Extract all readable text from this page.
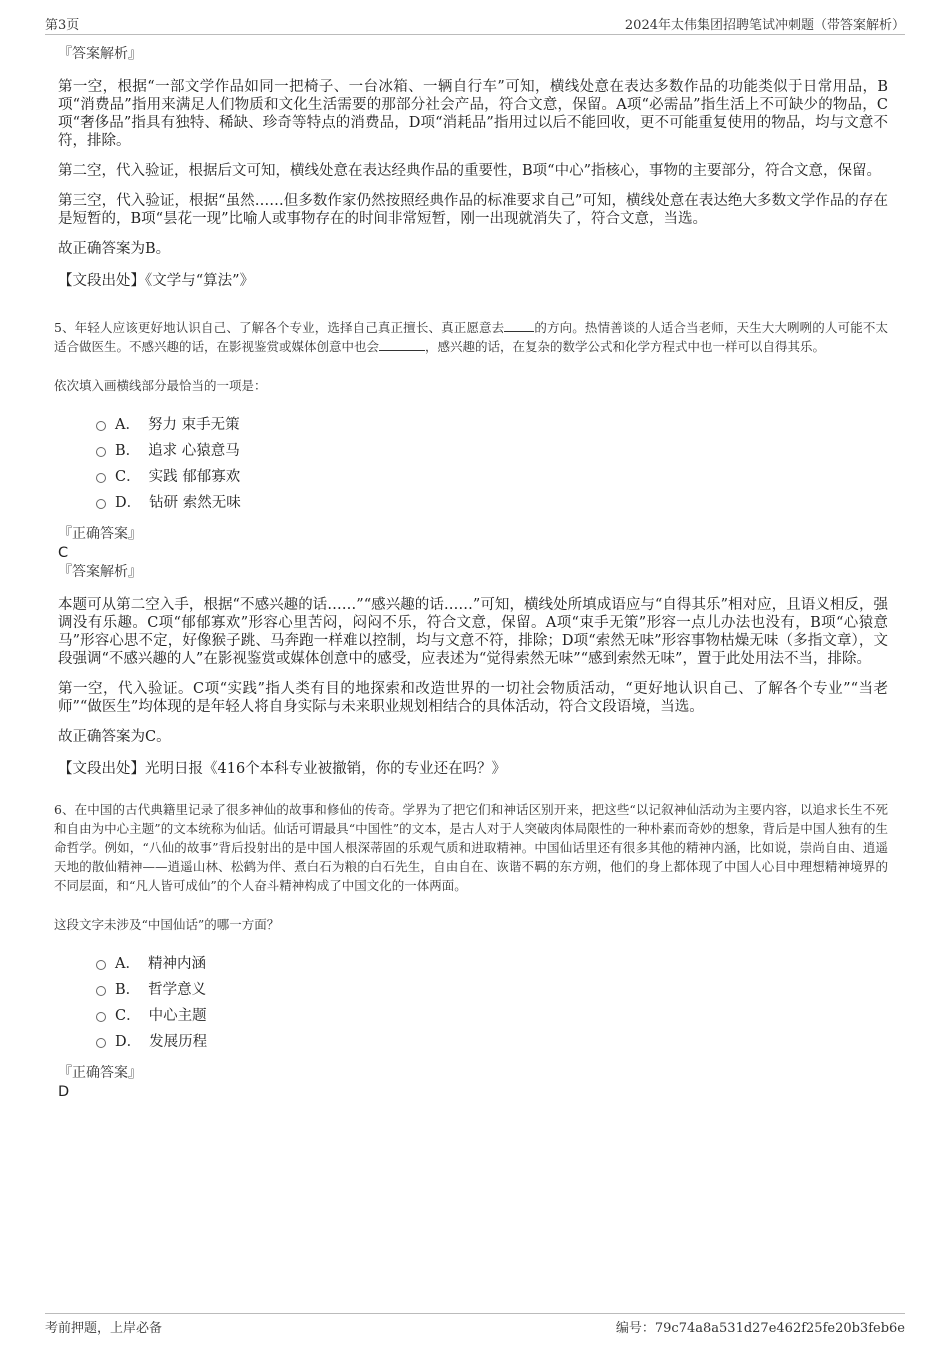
第3页	2024年太伟集团招聘笔试冲刺题（带答案解析）

『答案解析』

第一空，根据“一部文学作品如同一把椅子、一台冰箱、一辆自行车”可知，横线处意在表达多数作品的功能类似于日常用品，B项“消费品”指用来满足人们物质和文化生活需要的那部分社会产品，符合文意，保留。A项“必需品”指生活上不可缺少的物品，C项“奢侈品”指具有独特、稀缺、珍奇等特点的消费品，D项“消耗品”指用过以后不能回收，更不可能重复使用的物品，均与文意不符，排除。

第二空，代入验证，根据后文可知，横线处意在表达经典作品的重要性，B项“中心”指核心，事物的主要部分，符合文意，保留。

第三空，代入验证，根据“虽然……但多数作家仍然按照经典作品的标准要求自己”可知，横线处意在表达绝大多数文学作品的存在是短暂的，B项“昙花一现”比喻人或事物存在的时间非常短暂，刚一出现就消失了，符合文意，当选。

故正确答案为B。

【文段出处】《文学与“算法”》

5、年轻人应该更好地认识自己、了解各个专业，选择自己真正擅长、真正愿意去 的方向。热情善谈的人适合当老师，天生大大咧咧的人可能不太适合做医生。不感兴趣的话，在影视鉴赏或媒体创意中也会	，感兴趣的话，在复杂的数学公式和化学方程式中也一样可以自得其乐。

依次填入画横线部分最恰当的一项是：

A． 努力 束手无策
B． 追求 心猿意马
C． 实践 郁郁寡欢
D． 钻研 索然无味

『正确答案』

C

『答案解析』

本题可从第二空入手，根据“不感兴趣的话……”“感兴趣的话……”可知，横线处所填成语应与“自得其乐”相对应，且语义相反，强调没有乐趣。C项“郁郁寡欢”形容心里苦闷，闷闷不乐，符合文意，保留。A项“束手无策”形容一点儿办法也没有，B项“心猿意马”形容心思不定，好像猴子跳、马奔跑一样难以控制，均与文意不符，排除；D项“索然无味”形容事物枯燥无味（多指文章），文段强调“不感兴趣的人”在影视鉴赏或媒体创意中的感受，应表述为“觉得索然无味”“感到索然无味”，置于此处用法不当，排除。

第一空，代入验证。C项“实践”指人类有目的地探索和改造世界的一切社会物质活动，“更好地认识自己、了解各个专业”“当老师”“做医生”均体现的是年轻人将自身实际与未来职业规划相结合的具体活动，符合文段语境，当选。

故正确答案为C。

【文段出处】光明日报《416个本科专业被撤销，你的专业还在吗？》

6、在中国的古代典籍里记录了很多神仙的故事和修仙的传奇。学界为了把它们和神话区别开来，把这些“以记叙神仙活动为主要内容，以追求长生不死和自由为中心主题”的文本统称为仙话。仙话可谓最具“中国性”的文本，是古人对于人突破肉体局限性的一种朴素而奇妙的想象，背后是中国人独有的生命哲学。例如，“八仙的故事”背后投射出的是中国人根深蒂固的乐观气质和进取精神。中国仙话里还有很多其他的精神内涵，比如说，崇尚自由、逍遥天地的散仙精神——逍遥山林、松鹤为伴、煮白石为粮的白石先生，自由自在、诙谐不羁的东方朔，他们的身上都体现了中国人心目中理想精神境界的不同层面，和“凡人皆可成仙”的个人奋斗精神构成了中国文化的一体两面。

这段文字未涉及“中国仙话”的哪一方面？

A． 精神内涵
B． 哲学意义
C． 中心主题
D． 发展历程

『正确答案』

D

考前押题，上岸必备	编号：79c74a8a531d27e462f25fe20b3feb6e
